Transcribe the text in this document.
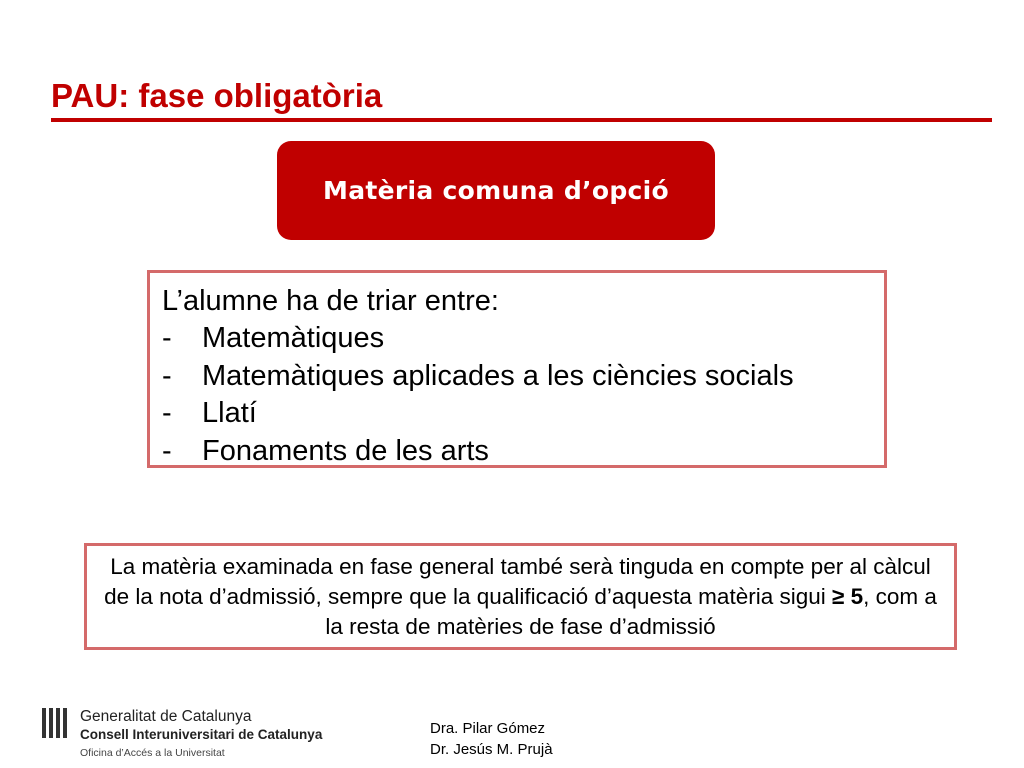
PAU: fase obligatòria
Matèria comuna d’opció

L’alumne ha de triar entre:

-	Matemàtiques
-	Matemàtiques aplicades a les ciències socials
-	Llatí
-	Fonaments de les arts

La matèria examinada en fase general també serà tinguda en compte per al càlcul de la nota d’admissió, sempre que la qualificació d’aquesta matèria sigui ≥ 5, com a la resta de matèries de fase d’admissió

Generalitat de Catalunya
Consell Interuniversitari de Catalunya
Oficina d’Accés a la Universitat
Dra. Pilar Gómez
Dr. Jesús M. Prujà
